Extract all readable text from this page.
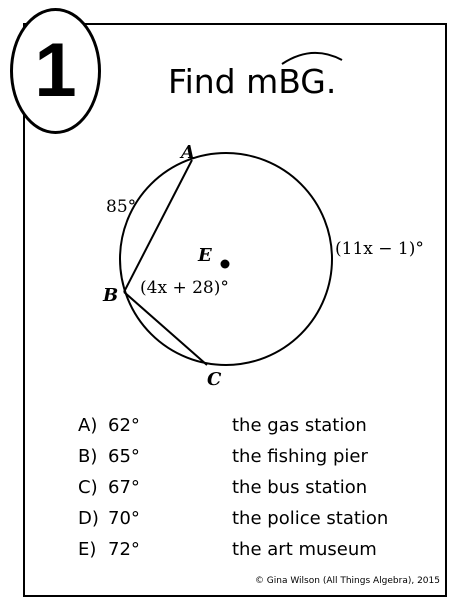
1	Find m
BG.
A
B
C
E
85°
(11x − 1)°
(4x + 28)°
A) 62°	the gas station
B) 65°	the fishing pier
C) 67°	the bus station
D) 70°	the police station
E) 72°	the art museum
© Gina Wilson (All Things Algebra), 2015
